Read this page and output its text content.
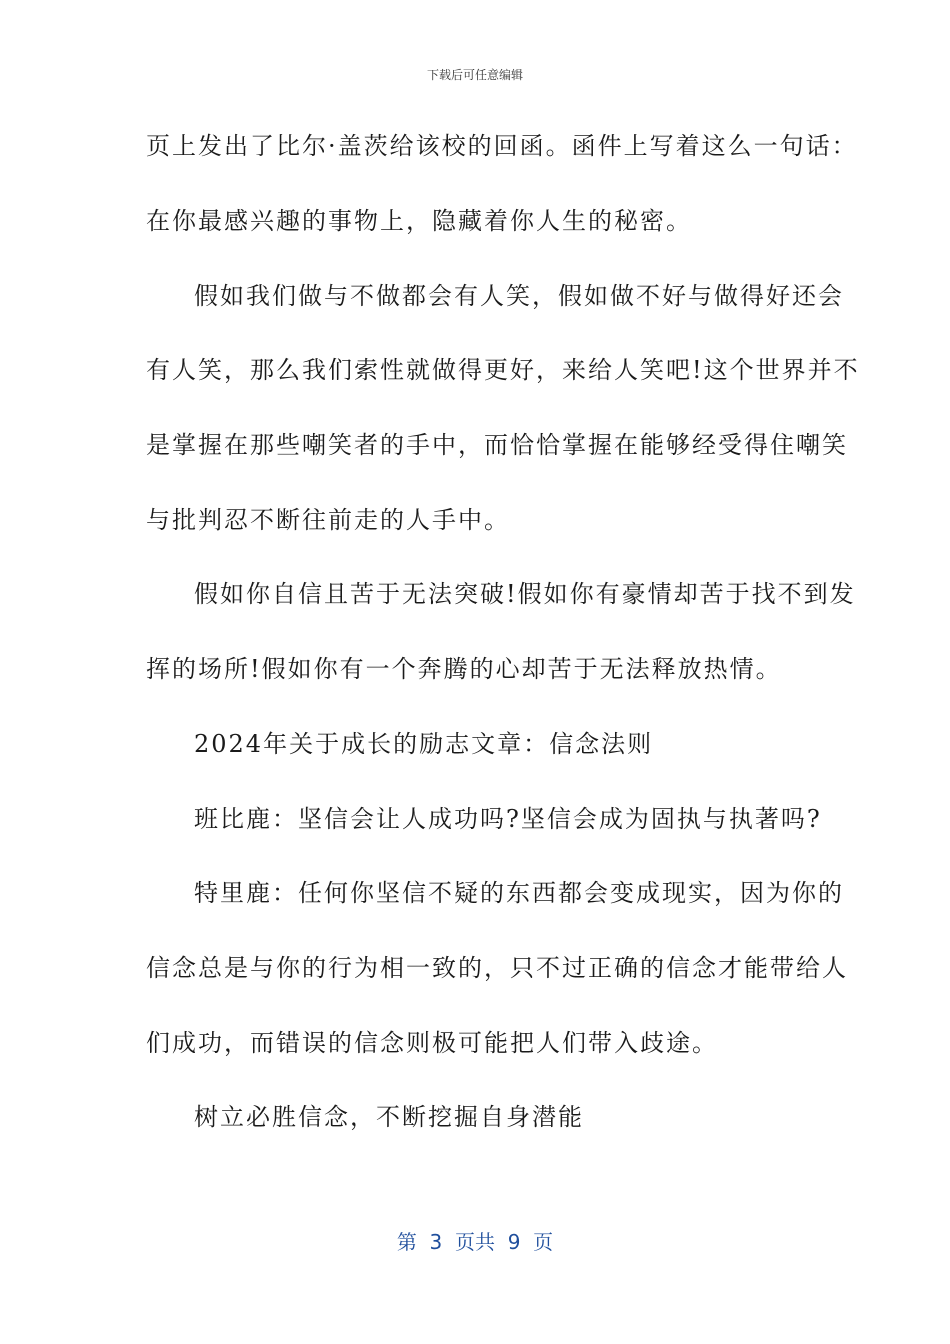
下载后可任意编辑
页上发出了比尔·盖茨给该校的回函。函件上写着这么一句话：
在你最感兴趣的事物上，隐藏着你人生的秘密。
假如我们做与不做都会有人笑，假如做不好与做得好还会
有人笑，那么我们索性就做得更好，来给人笑吧!这个世界并不
是掌握在那些嘲笑者的手中，而恰恰掌握在能够经受得住嘲笑
与批判忍不断往前走的人手中。
假如你自信且苦于无法突破!假如你有豪情却苦于找不到发
挥的场所!假如你有一个奔腾的心却苦于无法释放热情。
2024年关于成长的励志文章：信念法则
班比鹿：坚信会让人成功吗?坚信会成为固执与执著吗?
特里鹿：任何你坚信不疑的东西都会变成现实，因为你的
信念总是与你的行为相一致的，只不过正确的信念才能带给人
们成功，而错误的信念则极可能把人们带入歧途。
树立必胜信念，不断挖掘自身潜能
第  3  页共  9  页
